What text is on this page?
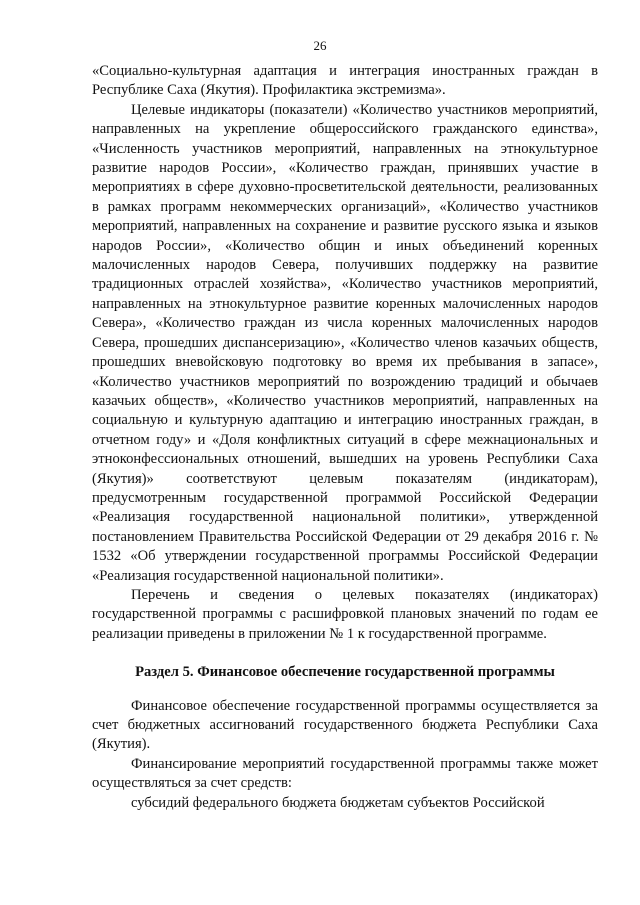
26

«Социально-культурная адаптация и интеграция иностранных граждан в Республике Саха (Якутия). Профилактика экстремизма».

Целевые индикаторы (показатели) «Количество участников мероприятий, направленных на укрепление общероссийского гражданского единства», «Численность участников мероприятий, направленных на этнокультурное развитие народов России», «Количество граждан, принявших участие в мероприятиях в сфере духовно-просветительской деятельности, реализованных в рамках программ некоммерческих организаций», «Количество участников мероприятий, направленных на сохранение и развитие русского языка и языков народов России», «Количество общин и иных объединений коренных малочисленных народов Севера, получивших поддержку на развитие традиционных отраслей хозяйства», «Количество участников мероприятий, направленных на этнокультурное развитие коренных малочисленных народов Севера», «Количество граждан из числа коренных малочисленных народов Севера, прошедших диспансеризацию», «Количество членов казачьих обществ, прошедших вневойсковую подготовку во время их пребывания в запасе», «Количество участников мероприятий по возрождению традиций и обычаев казачьих обществ», «Количество участников мероприятий, направленных на социальную и культурную адаптацию и интеграцию иностранных граждан, в отчетном году» и «Доля конфликтных ситуаций в сфере межнациональных и этноконфессиональных отношений, вышедших на уровень Республики Саха (Якутия)» соответствуют целевым показателям (индикаторам), предусмотренным государственной программой Российской Федерации «Реализация государственной национальной политики», утвержденной постановлением Правительства Российской Федерации от 29 декабря 2016 г. № 1532 «Об утверждении государственной программы Российской Федерации «Реализация государственной национальной политики».

Перечень и сведения о целевых показателях (индикаторах) государственной программы с расшифровкой плановых значений по годам ее реализации приведены в приложении № 1 к государственной программе.

Раздел 5. Финансовое обеспечение государственной программы

Финансовое обеспечение государственной программы осуществляется за счет бюджетных ассигнований государственного бюджета Республики Саха (Якутия).

Финансирование мероприятий государственной программы также может осуществляться за счет средств:

субсидий федерального бюджета бюджетам субъектов Российской
